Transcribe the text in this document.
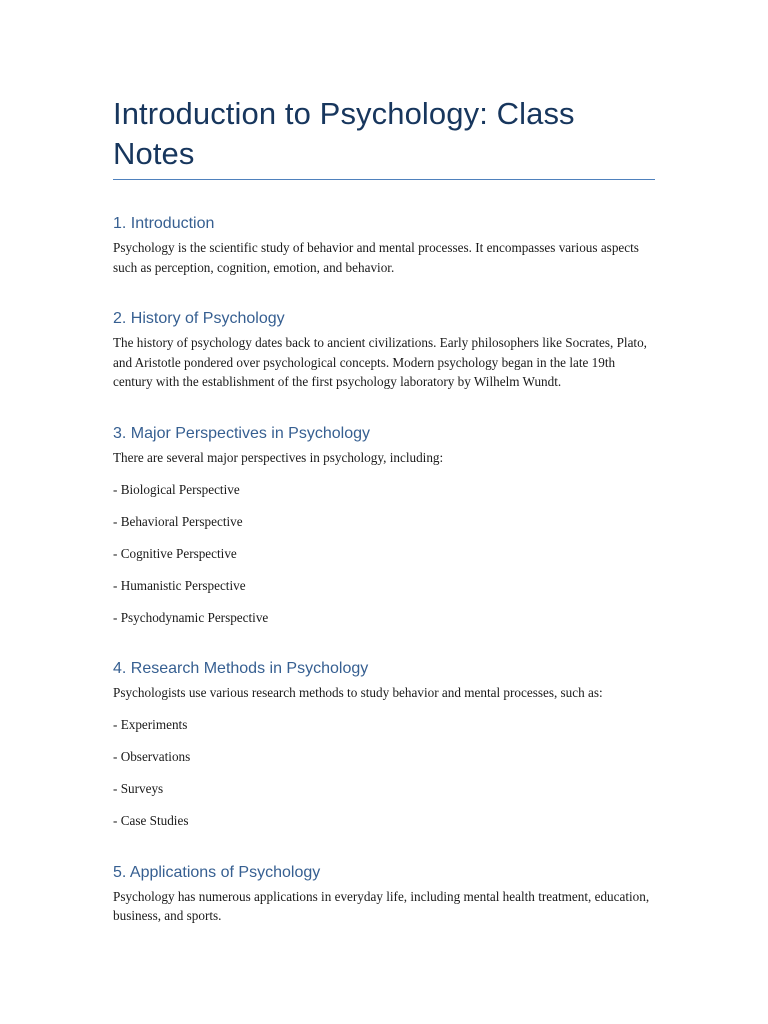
Introduction to Psychology: Class Notes
1. Introduction

Psychology is the scientific study of behavior and mental processes. It encompasses various aspects such as perception, cognition, emotion, and behavior.

2. History of Psychology

The history of psychology dates back to ancient civilizations. Early philosophers like Socrates, Plato, and Aristotle pondered over psychological concepts. Modern psychology began in the late 19th century with the establishment of the first psychology laboratory by Wilhelm Wundt.

3. Major Perspectives in Psychology

There are several major perspectives in psychology, including:

- Biological Perspective

- Behavioral Perspective

- Cognitive Perspective

- Humanistic Perspective

- Psychodynamic Perspective

4. Research Methods in Psychology

Psychologists use various research methods to study behavior and mental processes, such as:

- Experiments

- Observations

- Surveys

- Case Studies

5. Applications of Psychology

Psychology has numerous applications in everyday life, including mental health treatment, education, business, and sports.
